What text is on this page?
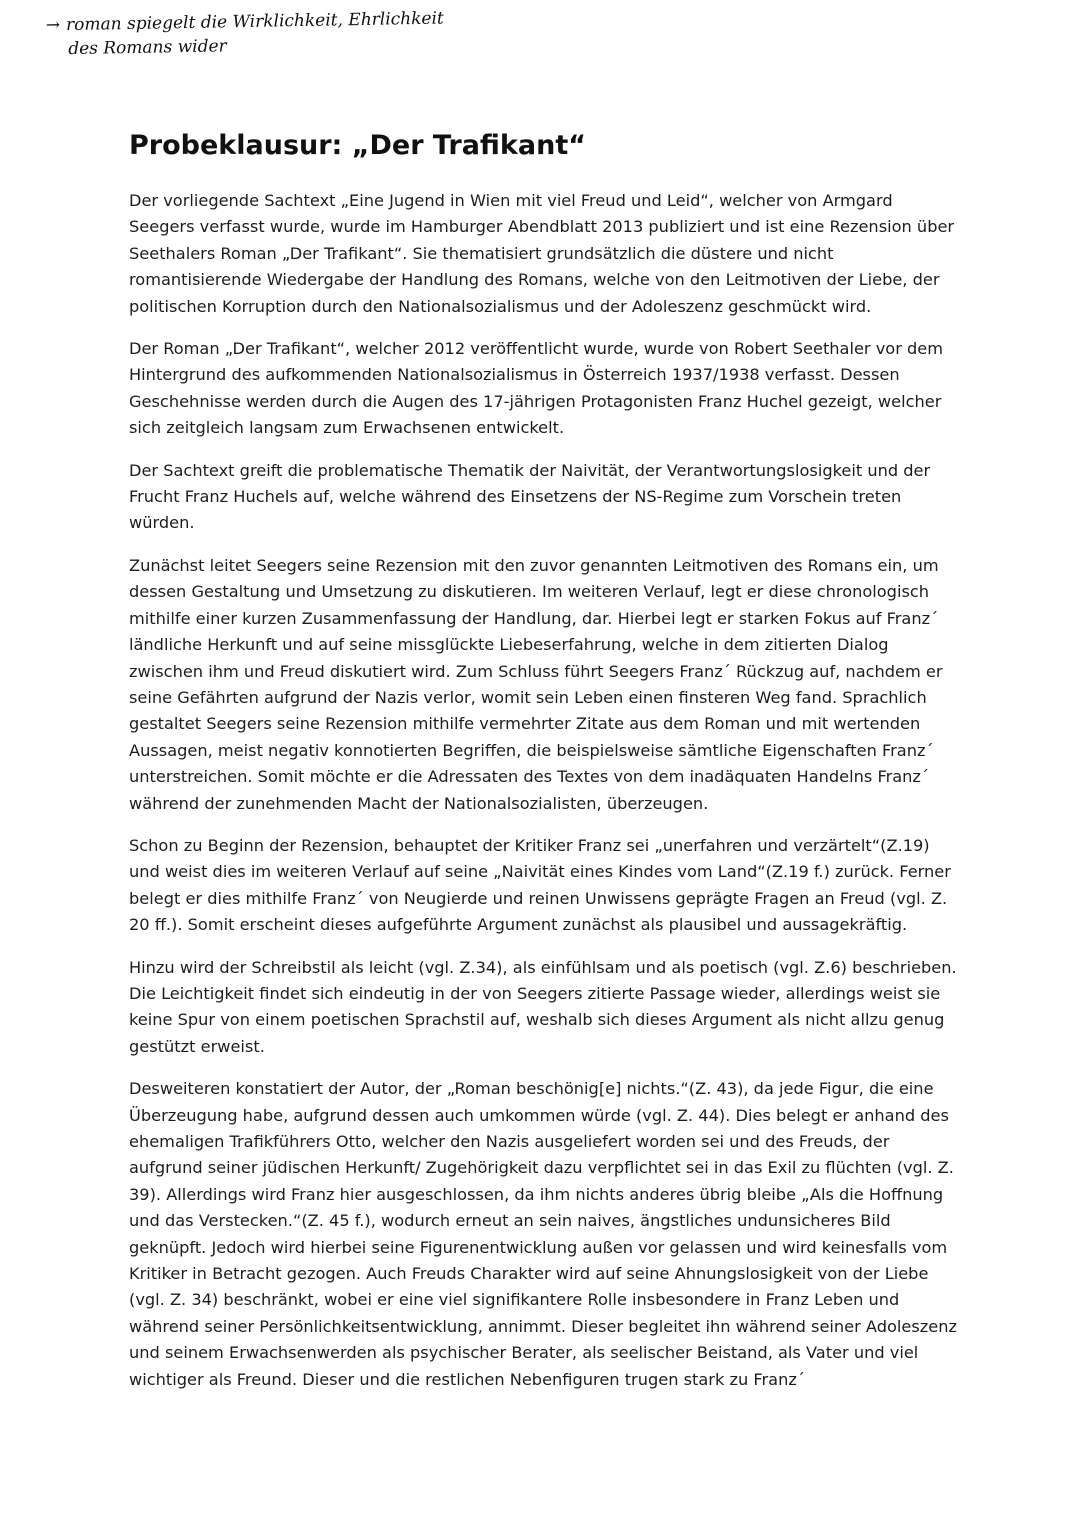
→ roman spiegelt die Wirklichkeit, Ehrlichkeit
des Romans wider
Probeklausur: „Der Trafikant“

Der vorliegende Sachtext „Eine Jugend in Wien mit viel Freud und Leid“, welcher von Armgard Seegers verfasst wurde, wurde im Hamburger Abendblatt 2013 publiziert und ist eine Rezension über Seethalers Roman „Der Trafikant“. Sie thematisiert grundsätzlich die düstere und nicht romantisierende Wiedergabe der Handlung des Romans, welche von den Leitmotiven der Liebe, der politischen Korruption durch den Nationalsozialismus und der Adoleszenz geschmückt wird.

Der Roman „Der Trafikant“, welcher 2012 veröffentlicht wurde, wurde von Robert Seethaler vor dem Hintergrund des aufkommenden Nationalsozialismus in Österreich 1937/1938 verfasst. Dessen Geschehnisse werden durch die Augen des 17-jährigen Protagonisten Franz Huchel gezeigt, welcher sich zeitgleich langsam zum Erwachsenen entwickelt.

Der Sachtext greift die problematische Thematik der Naivität, der Verantwortungslosigkeit und der Frucht Franz Huchels auf, welche während des Einsetzens der NS-Regime zum Vorschein treten würden.

Zunächst leitet Seegers seine Rezension mit den zuvor genannten Leitmotiven des Romans ein, um dessen Gestaltung und Umsetzung zu diskutieren. Im weiteren Verlauf, legt er diese chronologisch mithilfe einer kurzen Zusammenfassung der Handlung, dar. Hierbei legt er starken Fokus auf Franz´ ländliche Herkunft und auf seine missglückte Liebeserfahrung, welche in dem zitierten Dialog zwischen ihm und Freud diskutiert wird. Zum Schluss führt Seegers Franz´ Rückzug auf, nachdem er seine Gefährten aufgrund der Nazis verlor, womit sein Leben einen finsteren Weg fand. Sprachlich gestaltet Seegers seine Rezension mithilfe vermehrter Zitate aus dem Roman und mit wertenden Aussagen, meist negativ konnotierten Begriffen, die beispielsweise sämtliche Eigenschaften Franz´ unterstreichen. Somit möchte er die Adressaten des Textes von dem inadäquaten Handelns Franz´ während der zunehmenden Macht der Nationalsozialisten, überzeugen.

Schon zu Beginn der Rezension, behauptet der Kritiker Franz sei „unerfahren und verzärtelt“(Z.19) und weist dies im weiteren Verlauf auf seine „Naivität eines Kindes vom Land“(Z.19 f.) zurück. Ferner belegt er dies mithilfe Franz´ von Neugierde und reinen Unwissens geprägte Fragen an Freud (vgl. Z. 20 ff.). Somit erscheint dieses aufgeführte Argument zunächst als plausibel und aussagekräftig.

Hinzu wird der Schreibstil als leicht (vgl. Z.34), als einfühlsam und als poetisch (vgl. Z.6) beschrieben. Die Leichtigkeit findet sich eindeutig in der von Seegers zitierte Passage wieder, allerdings weist sie keine Spur von einem poetischen Sprachstil auf, weshalb sich dieses Argument als nicht allzu genug gestützt erweist.

Desweiteren konstatiert der Autor, der „Roman beschönig[e] nichts.“(Z. 43), da jede Figur, die eine Überzeugung habe, aufgrund dessen auch umkommen würde (vgl. Z. 44). Dies belegt er anhand des ehemaligen Trafikführers Otto, welcher den Nazis ausgeliefert worden sei und des Freuds, der aufgrund seiner jüdischen Herkunft/ Zugehörigkeit dazu verpflichtet sei in das Exil zu flüchten (vgl. Z. 39). Allerdings wird Franz hier ausgeschlossen, da ihm nichts anderes übrig bleibe „Als die Hoffnung und das Verstecken.“(Z. 45 f.), wodurch erneut an sein naives, ängstliches undunsicheres Bild geknüpft. Jedoch wird hierbei seine Figurenentwicklung außen vor gelassen und wird keinesfalls vom Kritiker in Betracht gezogen. Auch Freuds Charakter wird auf seine Ahnungslosigkeit von der Liebe (vgl. Z. 34) beschränkt, wobei er eine viel signifikantere Rolle insbesondere in Franz Leben und während seiner Persönlichkeitsentwicklung, annimmt. Dieser begleitet ihn während seiner Adoleszenz und seinem Erwachsenwerden als psychischer Berater, als seelischer Beistand, als Vater und viel wichtiger als Freund. Dieser und die restlichen Nebenfiguren trugen stark zu Franz´
